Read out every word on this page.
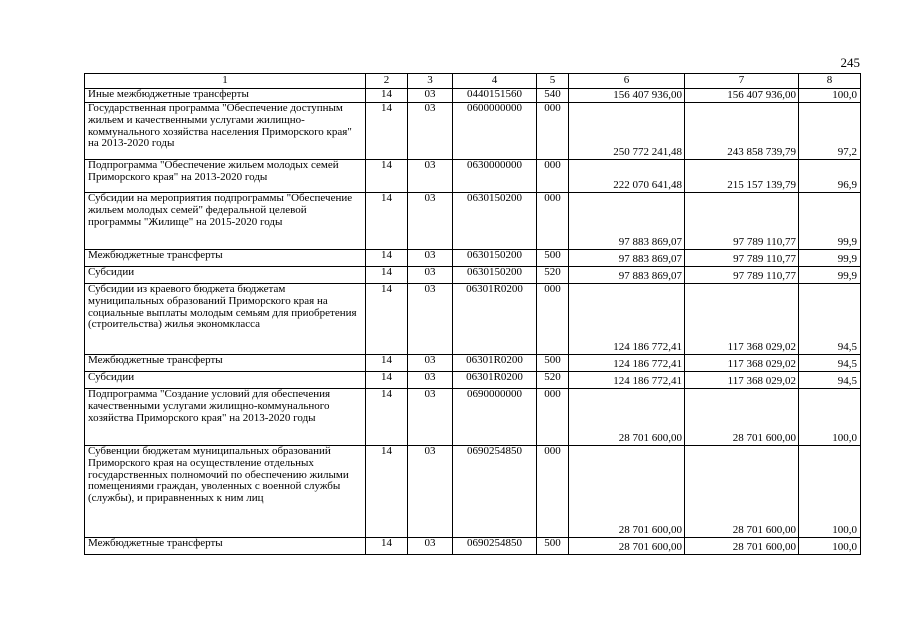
245
1	2	3	4	5	6	7	8
Иные межбюджетные трансферты	14	03	0440151560	540	156 407 936,00	156 407 936,00	100,0
Государственная программа "Обеспечение доступным жильем и качественными услугами жилищно-коммунального хозяйства населения Приморского края" на 2013-2020 годы	14	03	0600000000	000	250 772 241,48	243 858 739,79	97,2
Подпрограмма "Обеспечение жильем молодых семей Приморского края" на 2013-2020 годы	14	03	0630000000	000	222 070 641,48	215 157 139,79	96,9
Субсидии на мероприятия подпрограммы "Обеспечение жильем молодых семей" федеральной целевой программы "Жилище" на 2015-2020 годы	14	03	0630150200	000	97 883 869,07	97 789 110,77	99,9
Межбюджетные трансферты	14	03	0630150200	500	97 883 869,07	97 789 110,77	99,9
Субсидии	14	03	0630150200	520	97 883 869,07	97 789 110,77	99,9
Субсидии из краевого бюджета бюджетам муниципальных образований Приморского края на социальные выплаты молодым семьям для приобретения (строительства) жилья экономкласса	14	03	06301R0200	000	124 186 772,41	117 368 029,02	94,5
Межбюджетные трансферты	14	03	06301R0200	500	124 186 772,41	117 368 029,02	94,5
Субсидии	14	03	06301R0200	520	124 186 772,41	117 368 029,02	94,5
Подпрограмма "Создание условий для обеспечения качественными услугами жилищно-коммунального хозяйства Приморского края" на 2013-2020 годы	14	03	0690000000	000	28 701 600,00	28 701 600,00	100,0
Субвенции бюджетам муниципальных образований Приморского края на осуществление отдельных государственных полномочий по обеспечению жилыми помещениями граждан, уволенных с военной службы (службы), и приравненных к ним лиц	14	03	0690254850	000	28 701 600,00	28 701 600,00	100,0
Межбюджетные трансферты	14	03	0690254850	500	28 701 600,00	28 701 600,00	100,0
